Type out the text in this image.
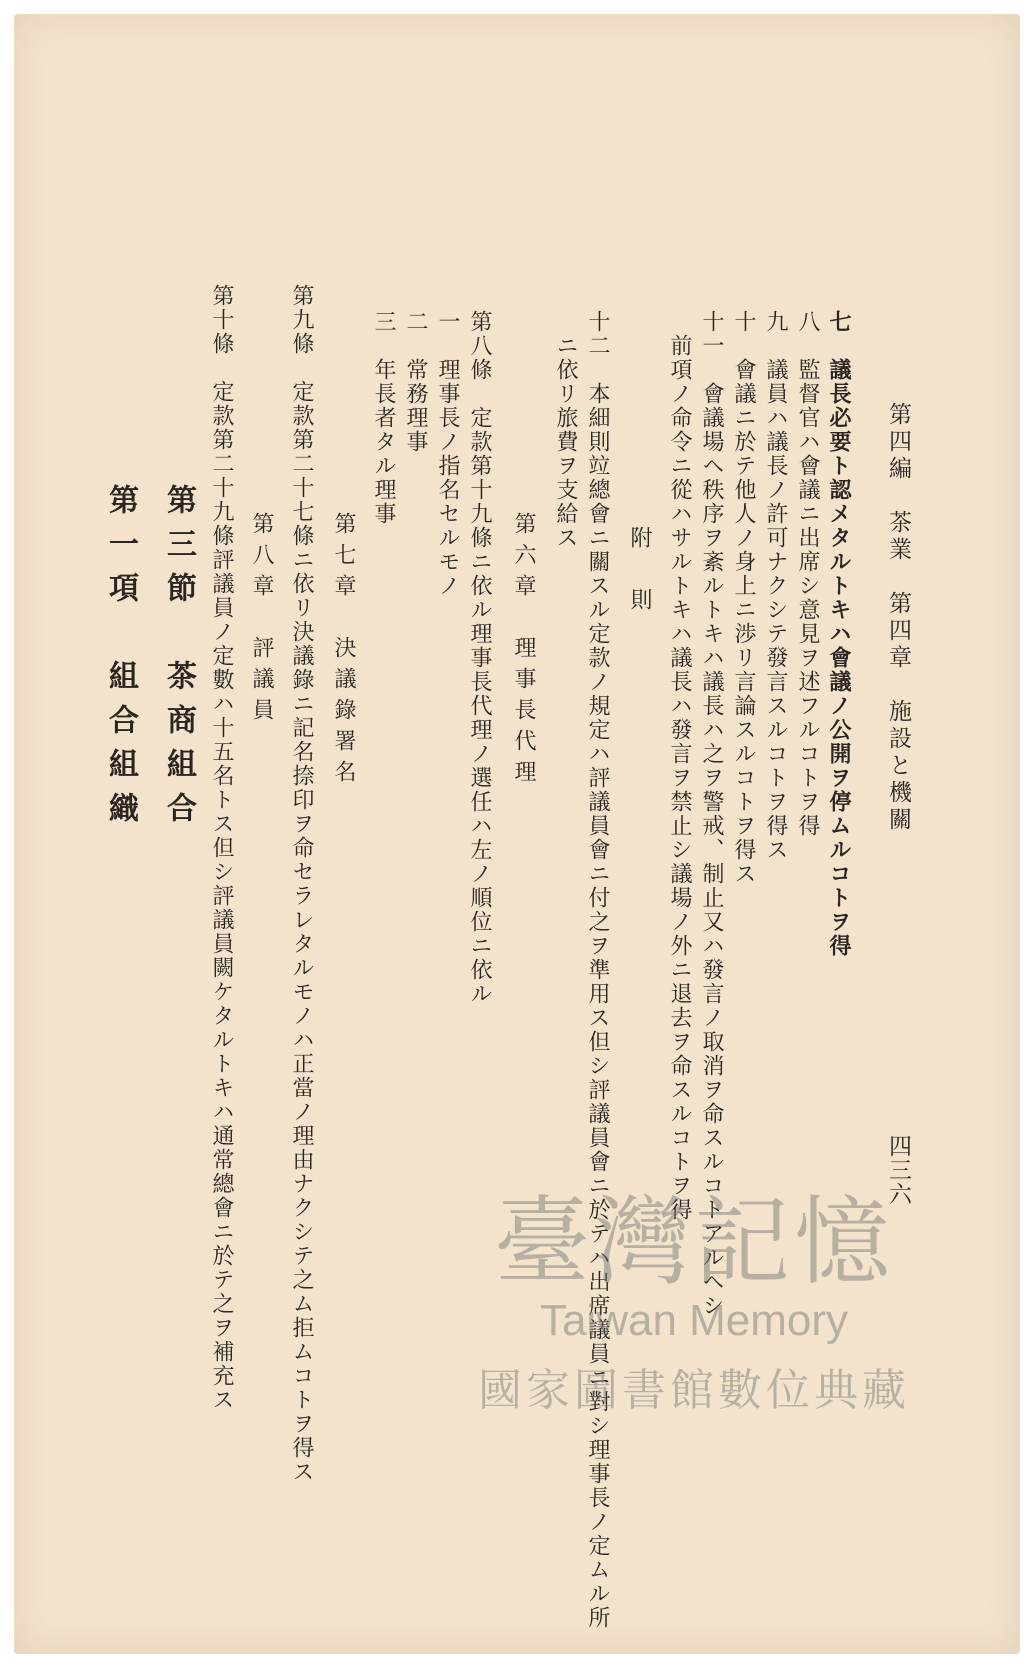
第四編　茶業　第四章　施設と機關
四三六
七　議長必要ト認メタルトキハ會議ノ公開ヲ停ムルコトヲ得
八　監督官ハ會議ニ出席シ意見ヲ述フルコトヲ得
九　議員ハ議長ノ許可ナクシテ發言スルコトヲ得ス
十　會議ニ於テ他人ノ身上ニ渉リ言論スルコトヲ得ス
十一　會議場ヘ秩序ヲ紊ルトキハ議長ハ之ヲ警戒、制止又ハ發言ノ取消ヲ命スルコトアルヘシ
前項ノ命令ニ從ハサルトキハ議長ハ發言ヲ禁止シ議場ノ外ニ退去ヲ命スルコトヲ得
附　則
十二　本細則竝總會ニ關スル定款ノ規定ハ評議員會ニ付之ヲ準用ス但シ評議員會ニ於テハ出席議員ニ對シ理事長ノ定ムル所
ニ依リ旅費ヲ支給ス
第六章　理事長代理
第八條　定款第十九條ニ依ル理事長代理ノ選任ハ左ノ順位ニ依ル
一　理事長ノ指名セルモノ
二　常務理事
三　年長者タル理事
第七章　決議錄署名
第九條　定款第二十七條ニ依リ決議錄ニ記名捺印ヲ命セラレタルモノハ正當ノ理由ナクシテ之ム拒ムコトヲ得ス
第八章　評議員
第十條　定款第二十九條評議員ノ定數ハ十五名トス但シ評議員闕ケタルトキハ通常總會ニ於テ之ヲ補充ス
第三節　茶商組合
第一項　組合組織
臺灣記憶
Taiwan Memory
國家圖書館數位典藏
